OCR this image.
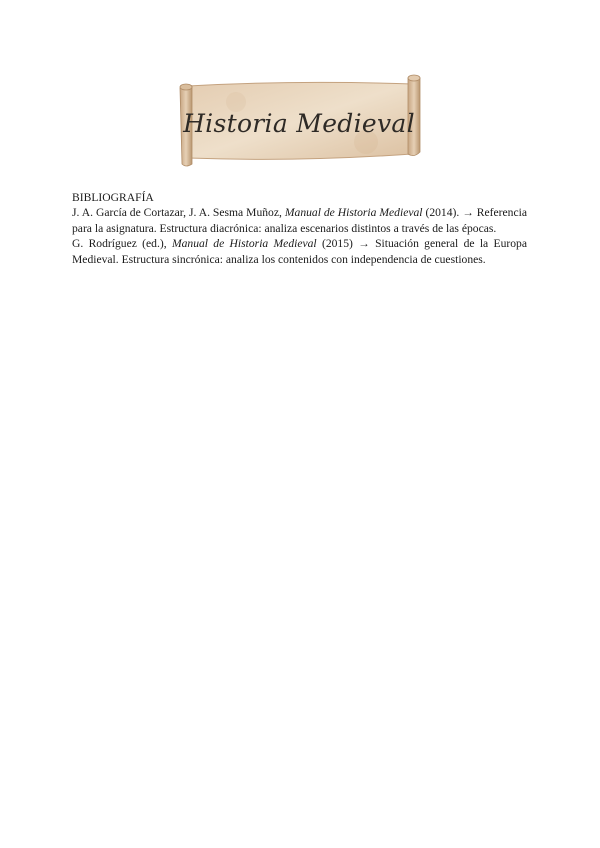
Historia Medieval

BIBLIOGRAFÍA

J. A. García de Cortazar, J. A. Sesma Muñoz, Manual de Historia Medieval (2014). → Referencia para la asignatura. Estructura diacrónica: analiza escenarios distintos a través de las épocas.

G. Rodríguez (ed.), Manual de Historia Medieval (2015) → Situación general de la Europa Medieval. Estructura sincrónica: analiza los contenidos con independencia de cuestiones.
